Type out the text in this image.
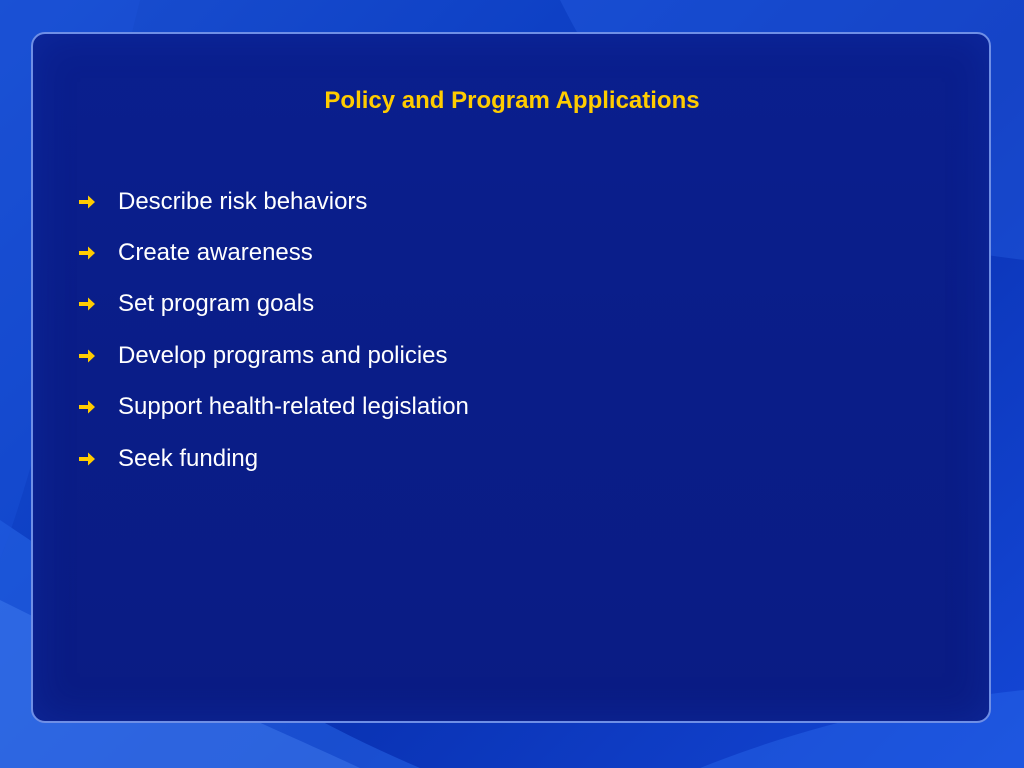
Policy and Program Applications
Describe risk behaviors
Create awareness
Set program goals
Develop programs and policies
Support health-related legislation
Seek funding
